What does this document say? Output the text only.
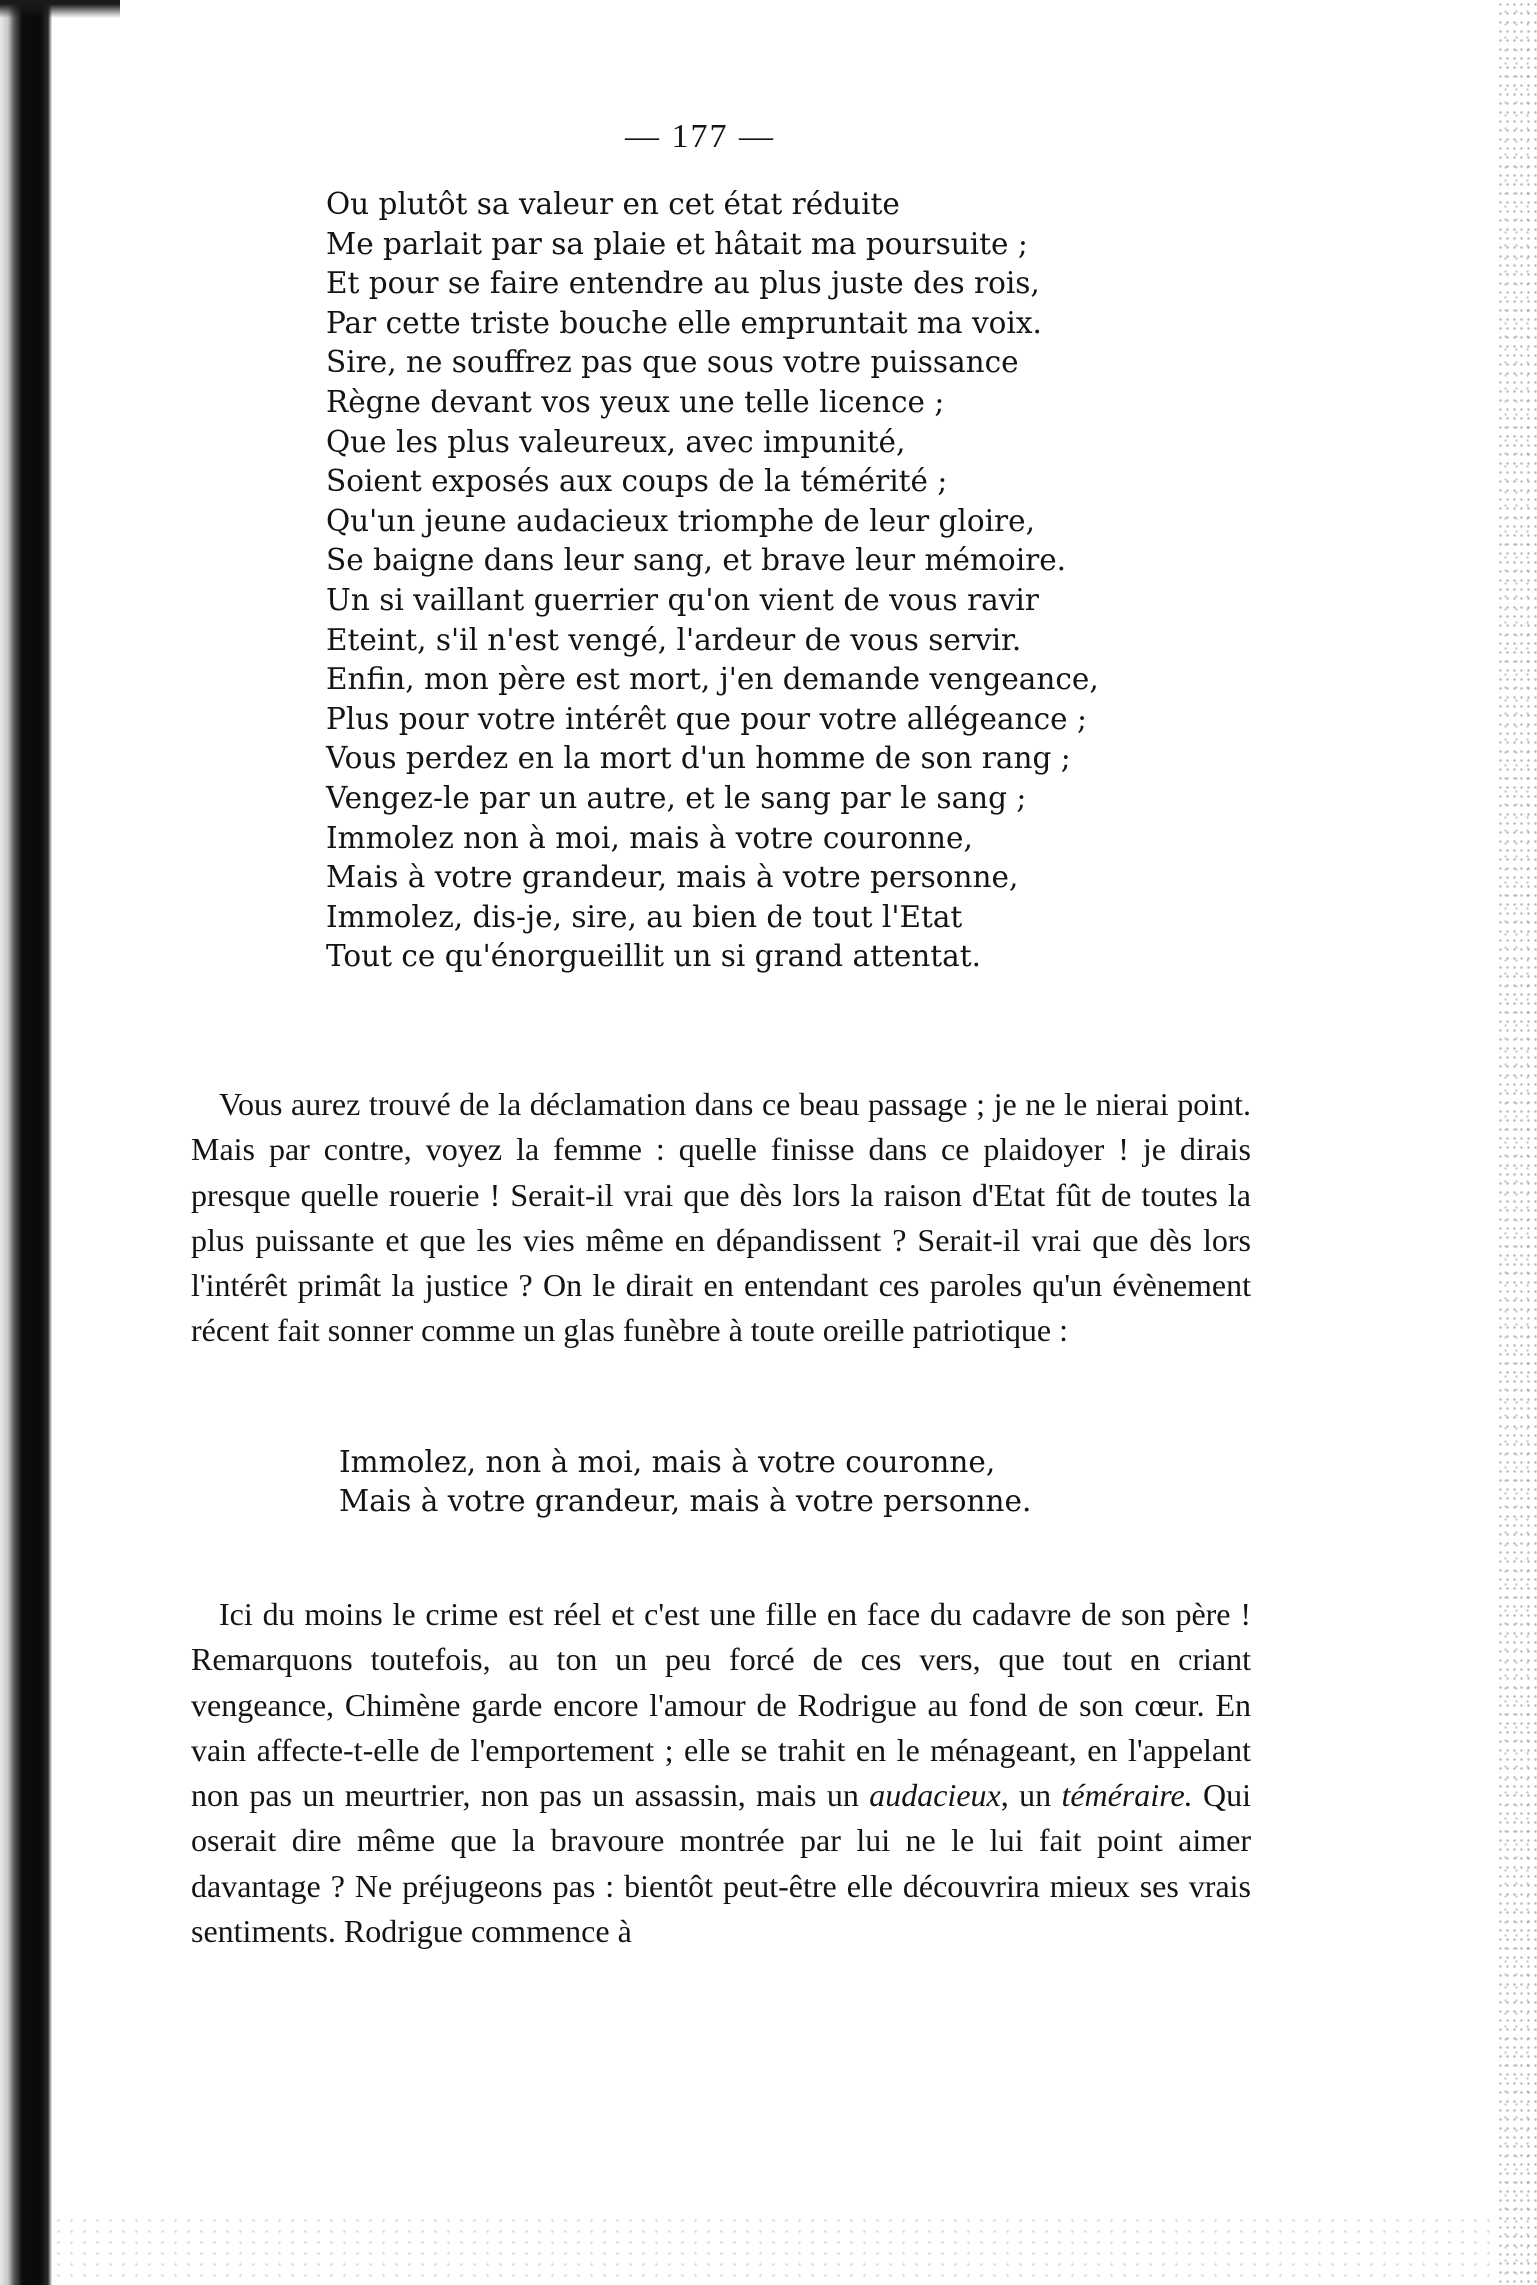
— 177 —
Ou plutôt sa valeur en cet état réduite
Me parlait par sa plaie et hâtait ma poursuite ;
Et pour se faire entendre au plus juste des rois,
Par cette triste bouche elle empruntait ma voix.
Sire, ne souffrez pas que sous votre puissance
Règne devant vos yeux une telle licence ;
Que les plus valeureux, avec impunité,
Soient exposés aux coups de la témérité ;
Qu'un jeune audacieux triomphe de leur gloire,
Se baigne dans leur sang, et brave leur mémoire.
Un si vaillant guerrier qu'on vient de vous ravir
Eteint, s'il n'est vengé, l'ardeur de vous servir.
Enfin, mon père est mort, j'en demande vengeance,
Plus pour votre intérêt que pour votre allégeance ;
Vous perdez en la mort d'un homme de son rang ;
Vengez-le par un autre, et le sang par le sang ;
Immolez non à moi, mais à votre couronne,
Mais à votre grandeur, mais à votre personne,
Immolez, dis-je, sire, au bien de tout l'Etat
Tout ce qu'énorgueillit un si grand attentat.

Vous aurez trouvé de la déclamation dans ce beau passage ; je ne le nierai point. Mais par contre, voyez la femme : quelle finisse dans ce plaidoyer ! je dirais presque quelle rouerie ! Serait-il vrai que dès lors la raison d'Etat fût de toutes la plus puissante et que les vies même en dépandissent ? Serait-il vrai que dès lors l'intérêt primât la justice ? On le dirait en entendant ces paroles qu'un évènement récent fait sonner comme un glas funèbre à toute oreille patriotique :

Immolez, non à moi, mais à votre couronne,
Mais à votre grandeur, mais à votre personne.

Ici du moins le crime est réel et c'est une fille en face du cadavre de son père ! Remarquons toutefois, au ton un peu forcé de ces vers, que tout en criant vengeance, Chimène garde encore l'amour de Rodrigue au fond de son cœur. En vain affecte-t-elle de l'emportement ; elle se trahit en le ménageant, en l'appelant non pas un meurtrier, non pas un assassin, mais un audacieux, un téméraire. Qui oserait dire même que la bravoure montrée par lui ne le lui fait point aimer davantage ? Ne préjugeons pas : bientôt peut-être elle découvrira mieux ses vrais sentiments. Rodrigue commence à
